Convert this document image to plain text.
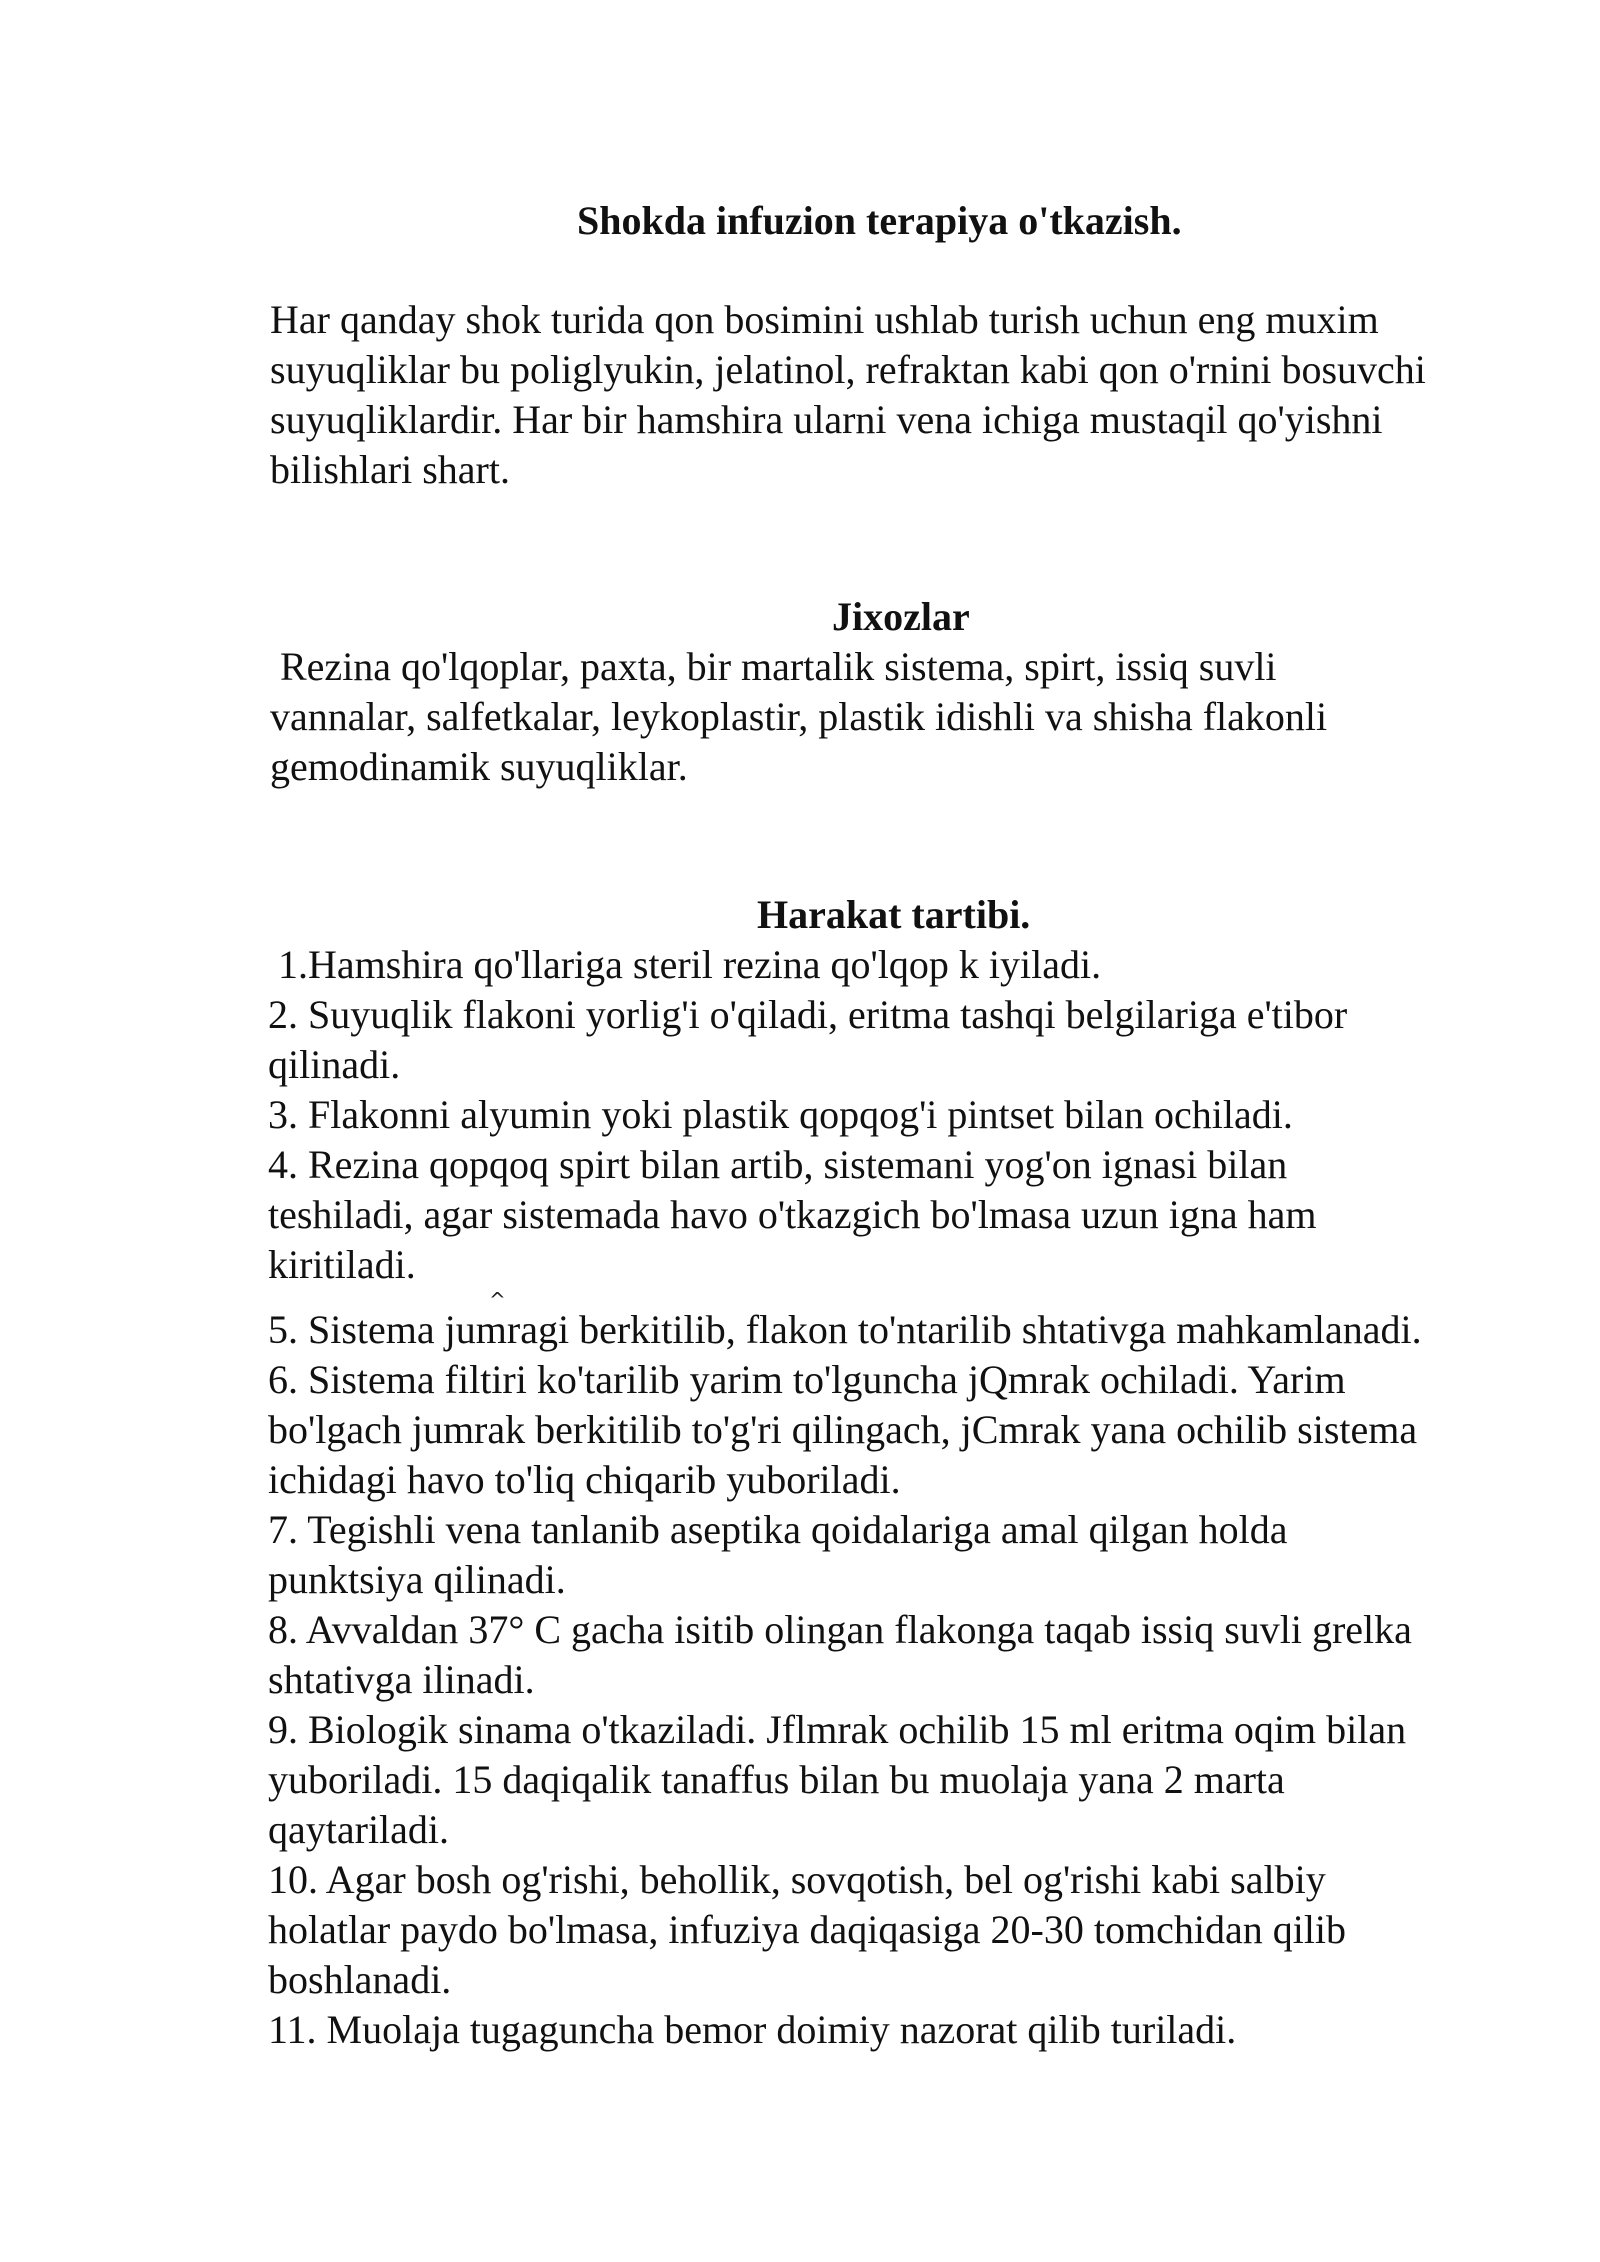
Shokda infuzion terapiya o'tkazish.
Har qanday shok turida qon bosimini ushlab turish uchun eng muxim
suyuqliklar bu poliglyukin, jelatinol, refraktan kabi qon o'rnini bosuvchi
suyuqliklardir. Har bir hamshira ularni vena ichiga mustaqil qo'yishni
bilishlari shart.
Jixozlar
Rezina qo'lqoplar, paxta, bir martalik sistema, spirt, issiq suvli
vannalar, salfetkalar, leykoplastir, plastik idishli va shisha flakonli
gemodinamik suyuqliklar.
Harakat tartibi.
1.Hamshira qo'llariga steril rezina qo'lqop k iyiladi.
2. Suyuqlik flakoni yorlig'i o'qiladi, eritma tashqi belgilariga e'tibor
qilinadi.
3. Flakonni alyumin yoki plastik qopqog'i pintset bilan ochiladi.
4. Rezina qopqoq spirt bilan artib, sistemani yog'on ignasi bilan
teshiladi, agar sistemada havo o'tkazgich bo'lmasa uzun igna ham
kiritiladi.
5. Sistema jumragi berkitilib, flakon to'ntarilib shtativga mahkamlanadi.
6. Sistema filtiri ko'tarilib yarim to'lguncha jQmrak ochiladi. Yarim
bo'lgach jumrak berkitilib to'g'ri qilingach, jCmrak yana ochilib sistema
ichidagi havo to'liq chiqarib yuboriladi.
7. Tegishli vena tanlanib aseptika qoidalariga amal qilgan holda
punktsiya qilinadi.
8. Avvaldan 37° C gacha isitib olingan flakonga taqab issiq suvli grelka
shtativga ilinadi.
9. Biologik sinama o'tkaziladi. Jflmrak ochilib 15 ml eritma oqim bilan
yuboriladi. 15 daqiqalik tanaffus bilan bu muolaja yana 2 marta
qaytariladi.
10. Agar bosh og'rishi, behollik, sovqotish, bel og'rishi kabi salbiy
holatlar paydo bo'lmasa, infuziya daqiqasiga 20-30 tomchidan qilib
boshlanadi.
11. Muolaja tugaguncha bemor doimiy nazorat qilib turiladi.
^
